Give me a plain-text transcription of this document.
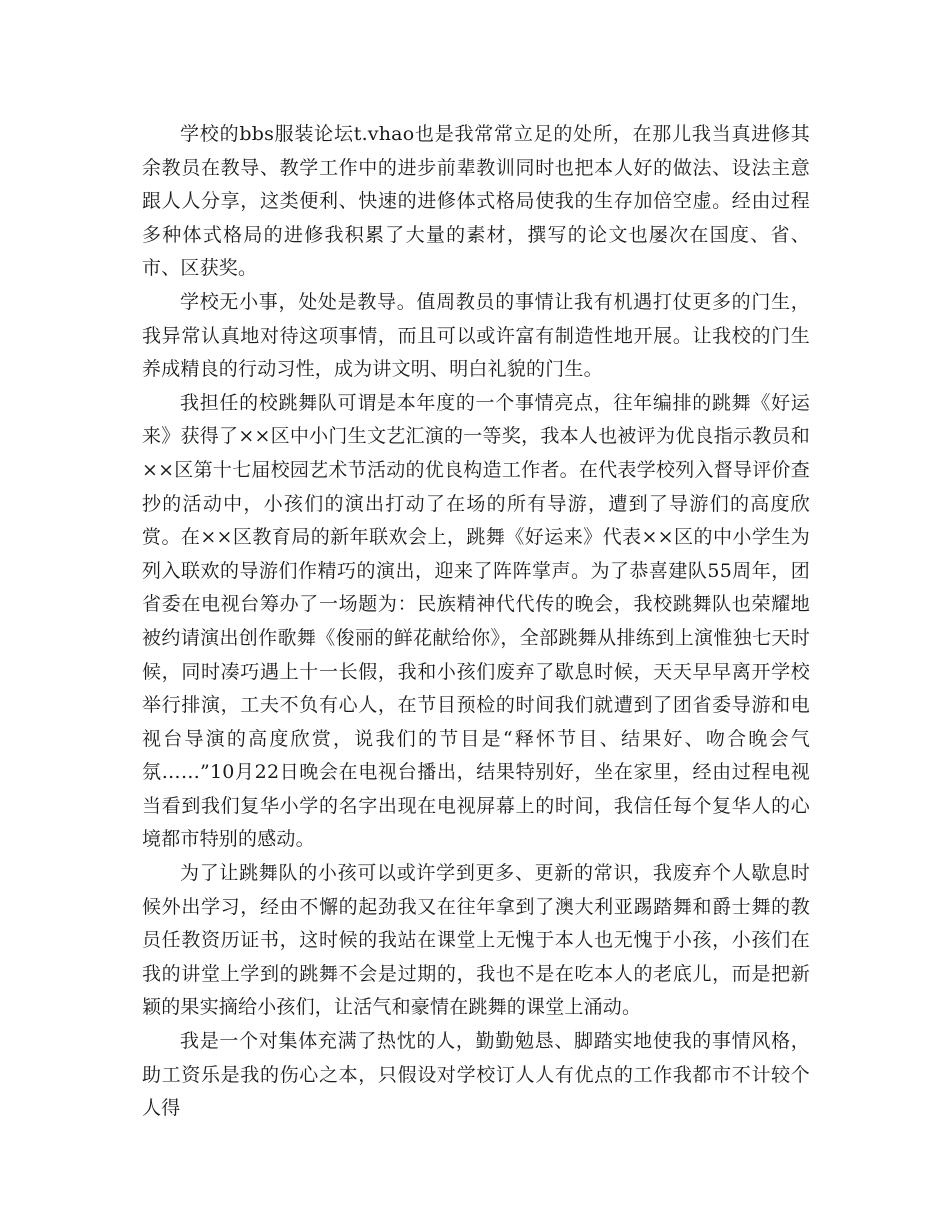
学校的bbs服装论坛t.vhao也是我常常立足的处所，在那儿我当真进修其余教员在教导、教学工作中的进步前辈教训同时也把本人好的做法、设法主意跟人人分享，这类便利、快速的进修体式格局使我的生存加倍空虚。经由过程多种体式格局的进修我积累了大量的素材，撰写的论文也屡次在国度、省、市、区获奖。

学校无小事，处处是教导。值周教员的事情让我有机遇打仗更多的门生，我异常认真地对待这项事情，而且可以或许富有制造性地开展。让我校的门生养成精良的行动习性，成为讲文明、明白礼貌的门生。

我担任的校跳舞队可谓是本年度的一个事情亮点，往年编排的跳舞《好运来》获得了××区中小门生文艺汇演的一等奖，我本人也被评为优良指示教员和××区第十七届校园艺术节活动的优良构造工作者。在代表学校列入督导评价查抄的活动中，小孩们的演出打动了在场的所有导游，遭到了导游们的高度欣赏。在××区教育局的新年联欢会上，跳舞《好运来》代表××区的中小学生为列入联欢的导游们作精巧的演出，迎来了阵阵掌声。为了恭喜建队55周年，团省委在电视台筹办了一场题为：民族精神代代传的晚会，我校跳舞队也荣耀地被约请演出创作歌舞《俊丽的鲜花献给你》，全部跳舞从排练到上演惟独七天时候，同时凑巧遇上十一长假，我和小孩们废弃了歇息时候，天天早早离开学校举行排演，工夫不负有心人，在节目预检的时间我们就遭到了团省委导游和电视台导演的高度欣赏，说我们的节目是“释怀节目、结果好、吻合晚会气氛……”10月22日晚会在电视台播出，结果特别好，坐在家里，经由过程电视当看到我们复华小学的名字出现在电视屏幕上的时间，我信任每个复华人的心境都市特别的感动。

为了让跳舞队的小孩可以或许学到更多、更新的常识，我废弃个人歇息时候外出学习，经由不懈的起劲我又在往年拿到了澳大利亚踢踏舞和爵士舞的教员任教资历证书，这时候的我站在课堂上无愧于本人也无愧于小孩，小孩们在我的讲堂上学到的跳舞不会是过期的，我也不是在吃本人的老底儿，而是把新颖的果实摘给小孩们，让活气和豪情在跳舞的课堂上涌动。

我是一个对集体充满了热忱的人，勤勤勉恳、脚踏实地使我的事情风格，助工资乐是我的伤心之本，只假设对学校订人人有优点的工作我都市不计较个人得
